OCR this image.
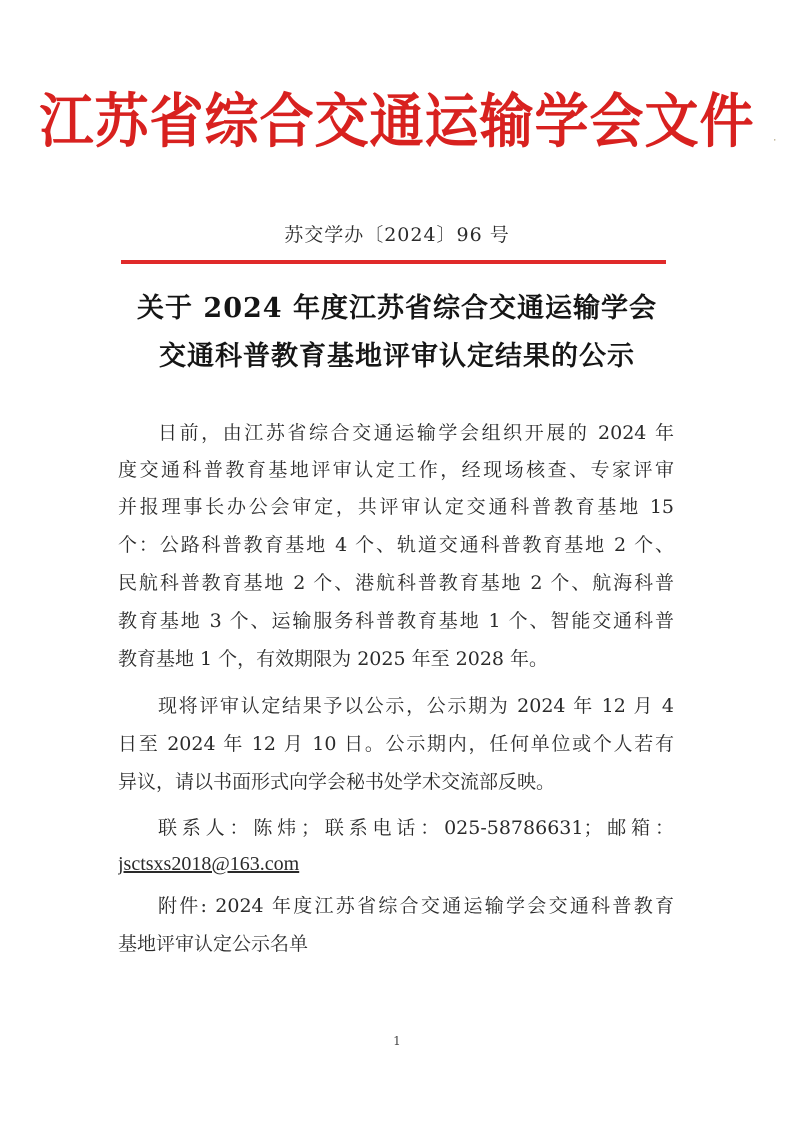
江苏省综合交通运输学会文件	˙
苏交学办〔2024〕96 号
关于 2024 年度江苏省综合交通运输学会
交通科普教育基地评审认定结果的公示
日前，由江苏省综合交通运输学会组织开展的 2024 年
度交通科普教育基地评审认定工作，经现场核查、专家评审
并报理事长办公会审定，共评审认定交通科普教育基地 15
个：公路科普教育基地 4 个、轨道交通科普教育基地 2 个、
民航科普教育基地 2 个、港航科普教育基地 2 个、航海科普
教育基地 3 个、运输服务科普教育基地 1 个、智能交通科普
教育基地 1 个，有效期限为 2025 年至 2028 年。
现将评审认定结果予以公示，公示期为 2024 年 12 月 4
日至 2024 年 12 月 10 日。公示期内，任何单位或个人若有
异议，请以书面形式向学会秘书处学术交流部反映。
联系人：陈炜；联系电话：025-58786631；邮箱：
jsctsxs2018@163.com
附件: 2024 年度江苏省综合交通运输学会交通科普教育
基地评审认定公示名单
1
